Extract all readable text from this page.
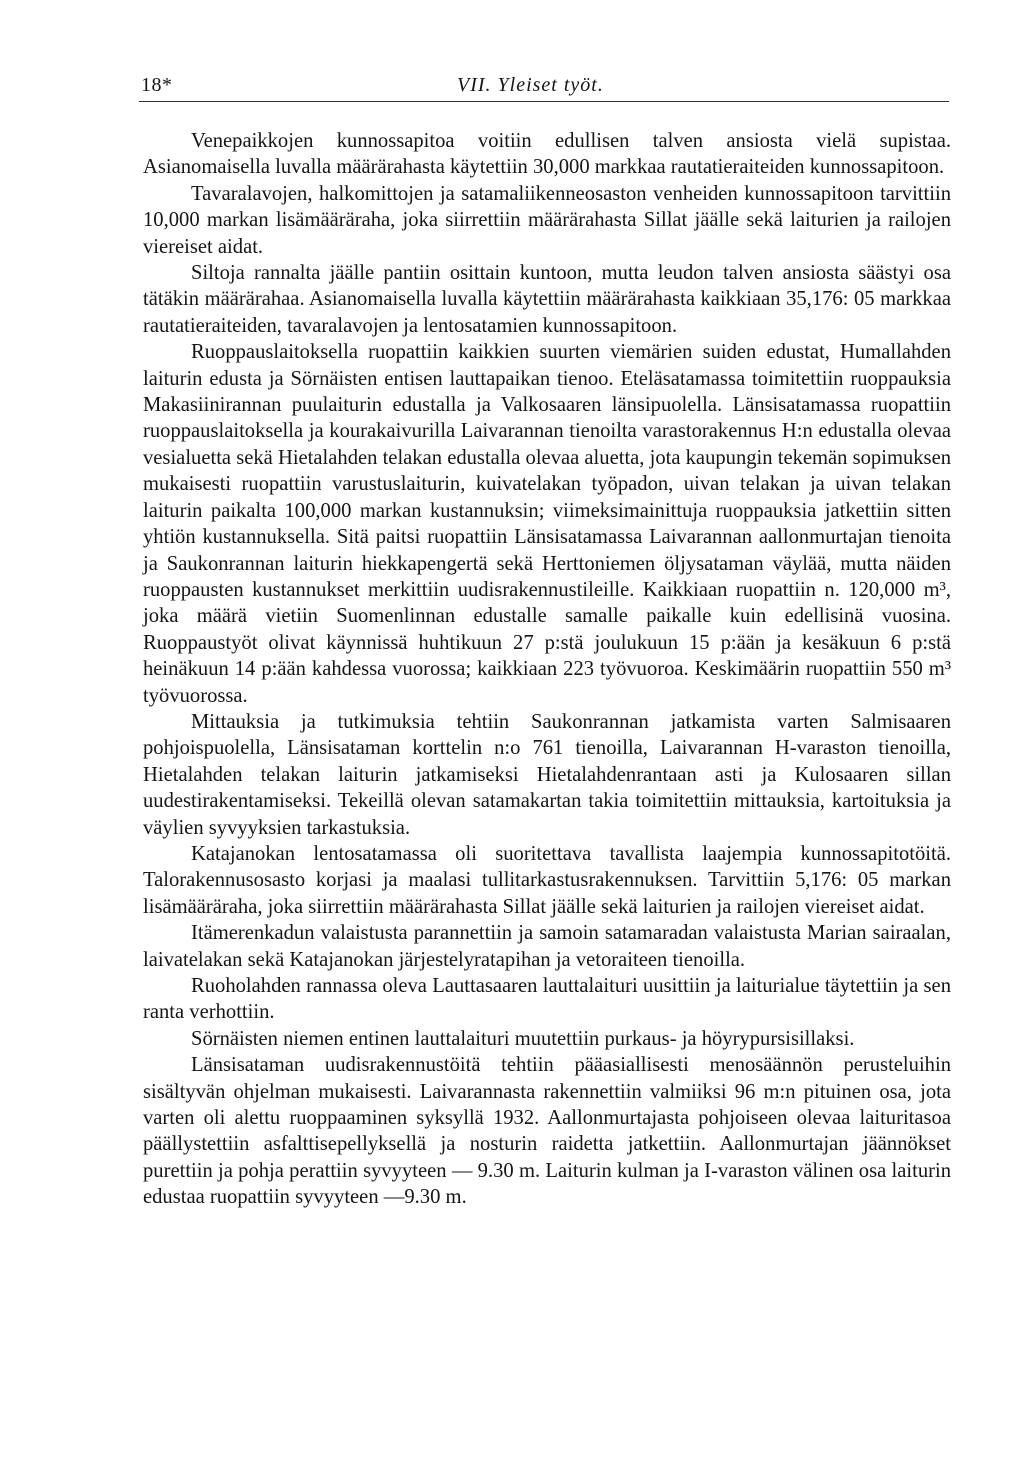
18*	VII. Yleiset työt.

Venepaikkojen kunnossapitoa voitiin edullisen talven ansiosta vielä supistaa. Asianomaisella luvalla määrärahasta käytettiin 30,000 markkaa rautatieraiteiden kunnossapitoon.

Tavaralavojen, halkomittojen ja satamaliikenneosaston venheiden kunnossapitoon tarvittiin 10,000 markan lisämääräraha, joka siirrettiin määrärahasta Sillat jäälle sekä laiturien ja railojen viereiset aidat.

Siltoja rannalta jäälle pantiin osittain kuntoon, mutta leudon talven ansiosta säästyi osa tätäkin määrärahaa. Asianomaisella luvalla käytettiin määrärahasta kaikkiaan 35,176: 05 markkaa rautatieraiteiden, tavaralavojen ja lentosatamien kunnossapitoon.

Ruoppauslaitoksella ruopattiin kaikkien suurten viemärien suiden edustat, Humallahden laiturin edusta ja Sörnäisten entisen lauttapaikan tienoo. Eteläsatamassa toimitettiin ruoppauksia Makasiinirannan puulaiturin edustalla ja Valkosaaren länsipuolella. Länsisatamassa ruopattiin ruoppauslaitoksella ja kourakaivurilla Laivarannan tienoilta varastorakennus H:n edustalla olevaa vesialuetta sekä Hietalahden telakan edustalla olevaa aluetta, jota kaupungin tekemän sopimuksen mukaisesti ruopattiin varustuslaiturin, kuivatelakan työpadon, uivan telakan ja uivan telakan laiturin paikalta 100,000 markan kustannuksin; viimeksimainittuja ruoppauksia jatkettiin sitten yhtiön kustannuksella. Sitä paitsi ruopattiin Länsisatamassa Laivarannan aallonmurtajan tienoita ja Saukonrannan laiturin hiekkapengertä sekä Herttoniemen öljysataman väylää, mutta näiden ruoppausten kustannukset merkittiin uudisrakennustileille. Kaikkiaan ruopattiin n. 120,000 m³, joka määrä vietiin Suomenlinnan edustalle samalle paikalle kuin edellisinä vuosina. Ruoppaustyöt olivat käynnissä huhtikuun 27 p:stä joulukuun 15 p:ään ja kesäkuun 6 p:stä heinäkuun 14 p:ään kahdessa vuorossa; kaikkiaan 223 työvuoroa. Keskimäärin ruopattiin 550 m³ työvuorossa.

Mittauksia ja tutkimuksia tehtiin Saukonrannan jatkamista varten Salmisaaren pohjoispuolella, Länsisataman korttelin n:o 761 tienoilla, Laivarannan H-varaston tienoilla, Hietalahden telakan laiturin jatkamiseksi Hietalahdenrantaan asti ja Kulosaaren sillan uudestirakentamiseksi. Tekeillä olevan satamakartan takia toimitettiin mittauksia, kartoituksia ja väylien syvyyksien tarkastuksia.

Katajanokan lentosatamassa oli suoritettava tavallista laajempia kunnossapitotöitä. Talorakennusosasto korjasi ja maalasi tullitarkastusrakennuksen. Tarvittiin 5,176: 05 markan lisämääräraha, joka siirrettiin määrärahasta Sillat jäälle sekä laiturien ja railojen viereiset aidat.

Itämerenkadun valaistusta parannettiin ja samoin satamaradan valaistusta Marian sairaalan, laivatelakan sekä Katajanokan järjestelyratapihan ja vetoraiteen tienoilla.

Ruoholahden rannassa oleva Lauttasaaren lauttalaituri uusittiin ja laiturialue täytettiin ja sen ranta verhottiin.

Sörnäisten niemen entinen lauttalaituri muutettiin purkaus- ja höyrypursisillaksi.

Länsisataman uudisrakennustöitä tehtiin pääasiallisesti menosäännön perusteluihin sisältyvän ohjelman mukaisesti. Laivarannasta rakennettiin valmiiksi 96 m:n pituinen osa, jota varten oli alettu ruoppaaminen syksyllä 1932. Aallonmurtajasta pohjoiseen olevaa laituritasoa päällystettiin asfalttisepellyksellä ja nosturin raidetta jatkettiin. Aallonmurtajan jäännökset purettiin ja pohja perattiin syvyyteen — 9.30 m. Laiturin kulman ja I-varaston välinen osa laiturin edustaa ruopattiin syvyyteen —9.30 m.
